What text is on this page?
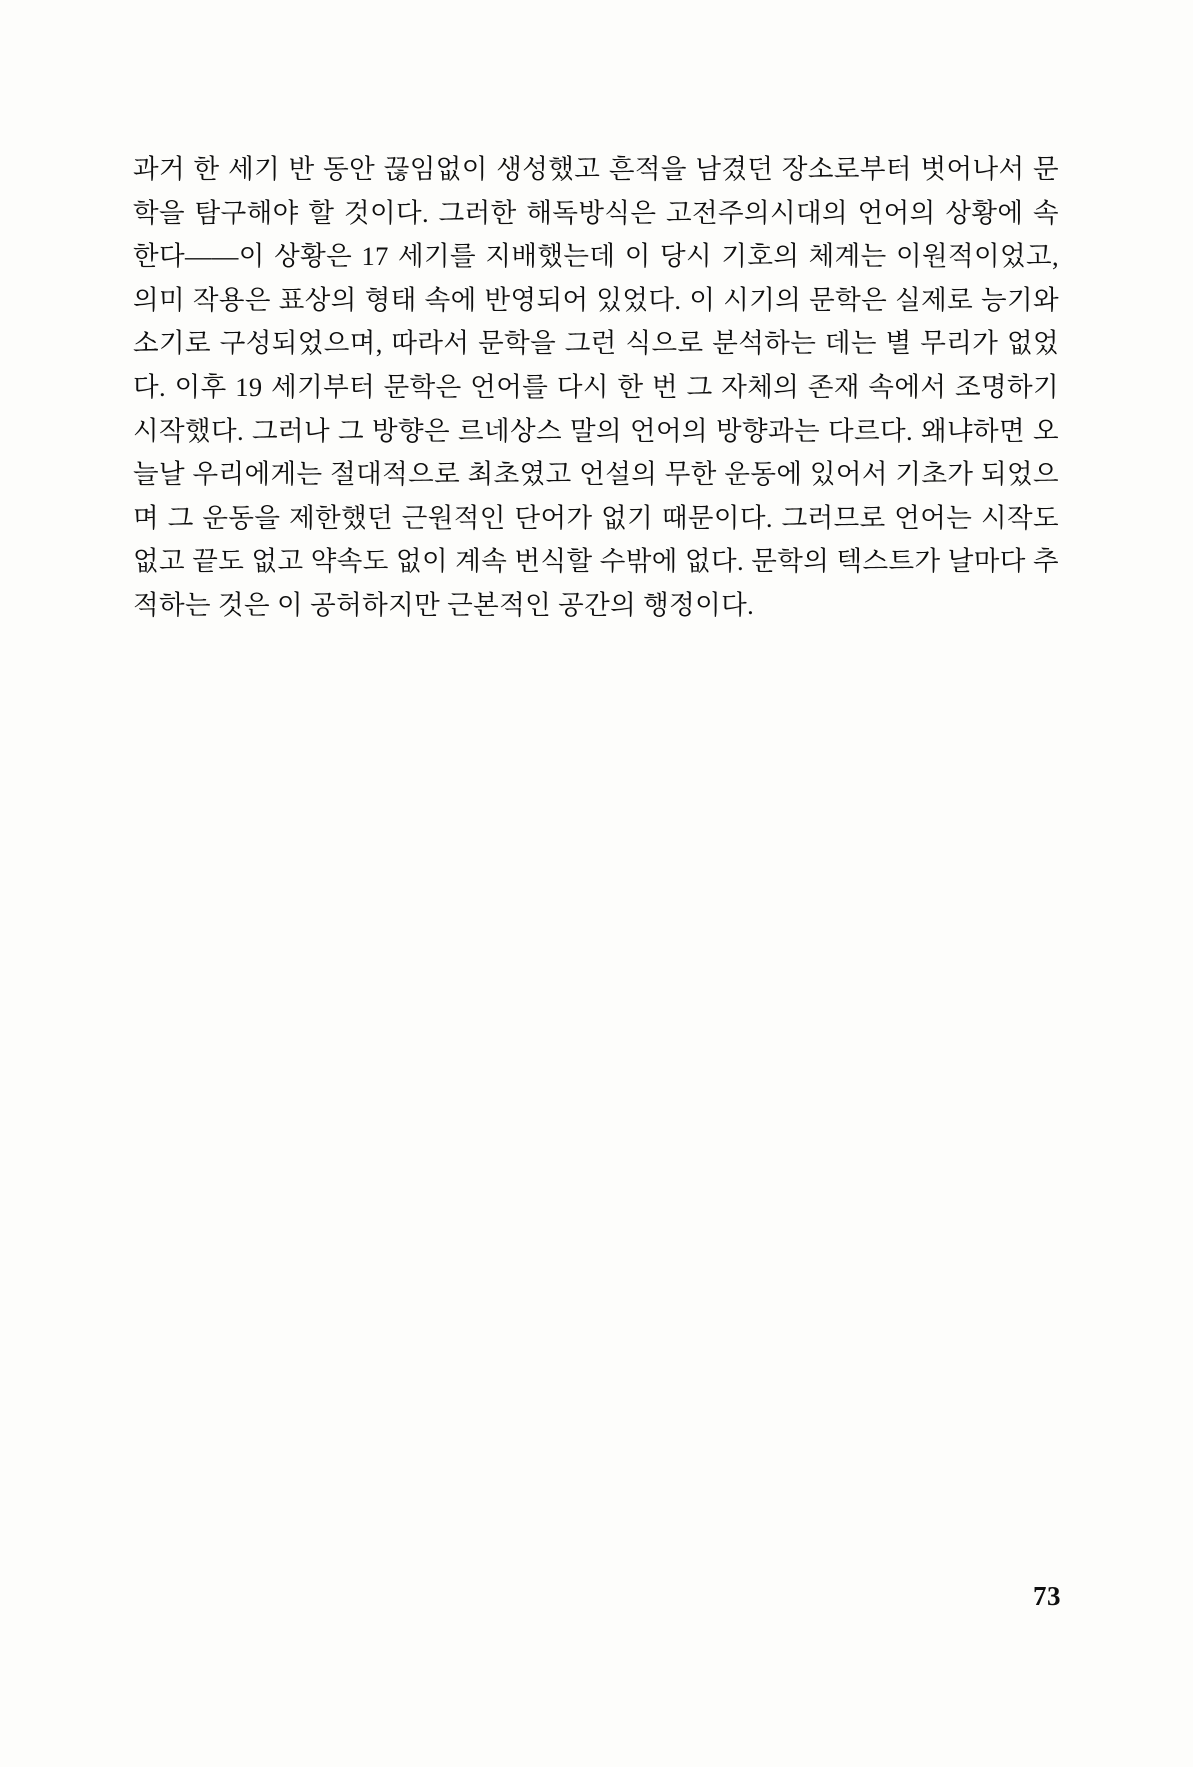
과거 한 세기 반 동안 끊임없이 생성했고 흔적을 남겼던 장소로부터 벗어나서 문학을 탐구해야 할 것이다. 그러한 해독방식은 고전주의시대의 언어의 상황에 속한다——이 상황은 17 세기를 지배했는데 이 당시 기호의 체계는 이원적이었고, 의미 작용은 표상의 형태 속에 반영되어 있었다. 이 시기의 문학은 실제로 능기와 소기로 구성되었으며, 따라서 문학을 그런 식으로 분석하는 데는 별 무리가 없었다. 이후 19 세기부터 문학은 언어를 다시 한 번 그 자체의 존재 속에서 조명하기 시작했다. 그러나 그 방향은 르네상스 말의 언어의 방향과는 다르다. 왜냐하면 오늘날 우리에게는 절대적으로 최초였고 언설의 무한 운동에 있어서 기초가 되었으며 그 운동을 제한했던 근원적인 단어가 없기 때문이다. 그러므로 언어는 시작도 없고 끝도 없고 약속도 없이 계속 번식할 수밖에 없다. 문학의 텍스트가 날마다 추적하는 것은 이 공허하지만 근본적인 공간의 행정이다.

73
